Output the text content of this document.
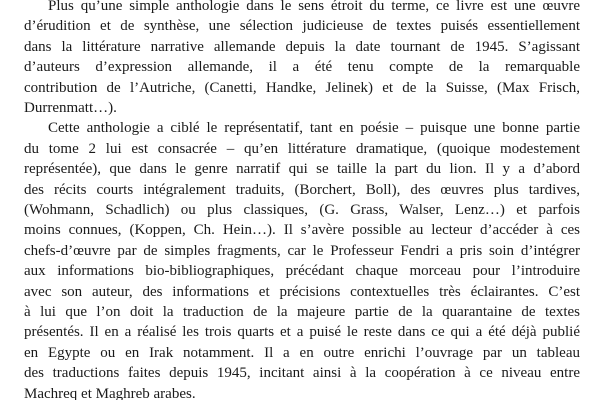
Plus qu’une simple anthologie dans le sens étroit du terme, ce livre est une œuvre
d’érudition et de synthèse, une sélection judicieuse de textes puisés essentiellement
dans la littérature narrative allemande depuis la date tournant de 1945. S’agissant
d’auteurs d’expression allemande, il a été tenu compte de la remarquable
contribution de l’Autriche, (Canetti, Handke, Jelinek) et de la Suisse, (Max Frisch,
Durrenmatt…).
Cette anthologie a ciblé le représentatif, tant en poésie – puisque une bonne partie
du tome 2 lui est consacrée – qu’en littérature dramatique, (quoique modestement
représentée), que dans le genre narratif qui se taille la part du lion. Il y a d’abord
des récits courts intégralement traduits, (Borchert, Boll), des œuvres plus tardives,
(Wohmann, Schadlich) ou plus classiques, (G. Grass, Walser, Lenz…) et parfois
moins connues, (Koppen, Ch. Hein…). Il s’avère possible au lecteur d’accéder à ces
chefs-d’œuvre par de simples fragments, car le Professeur Fendri a pris soin d’intégrer
aux informations bio-bibliographiques, précédant chaque morceau pour l’introduire
avec son auteur, des informations et précisions contextuelles très éclairantes. C’est
à lui que l’on doit la traduction de la majeure partie de la quarantaine de textes
présentés. Il en a réalisé les trois quarts et a puisé le reste dans ce qui a été déjà publié
en Egypte ou en Irak notamment. Il a en outre enrichi l’ouvrage par un tableau
des traductions faites depuis 1945, incitant ainsi à la coopération à ce niveau entre
Machreq et Maghreb arabes.
